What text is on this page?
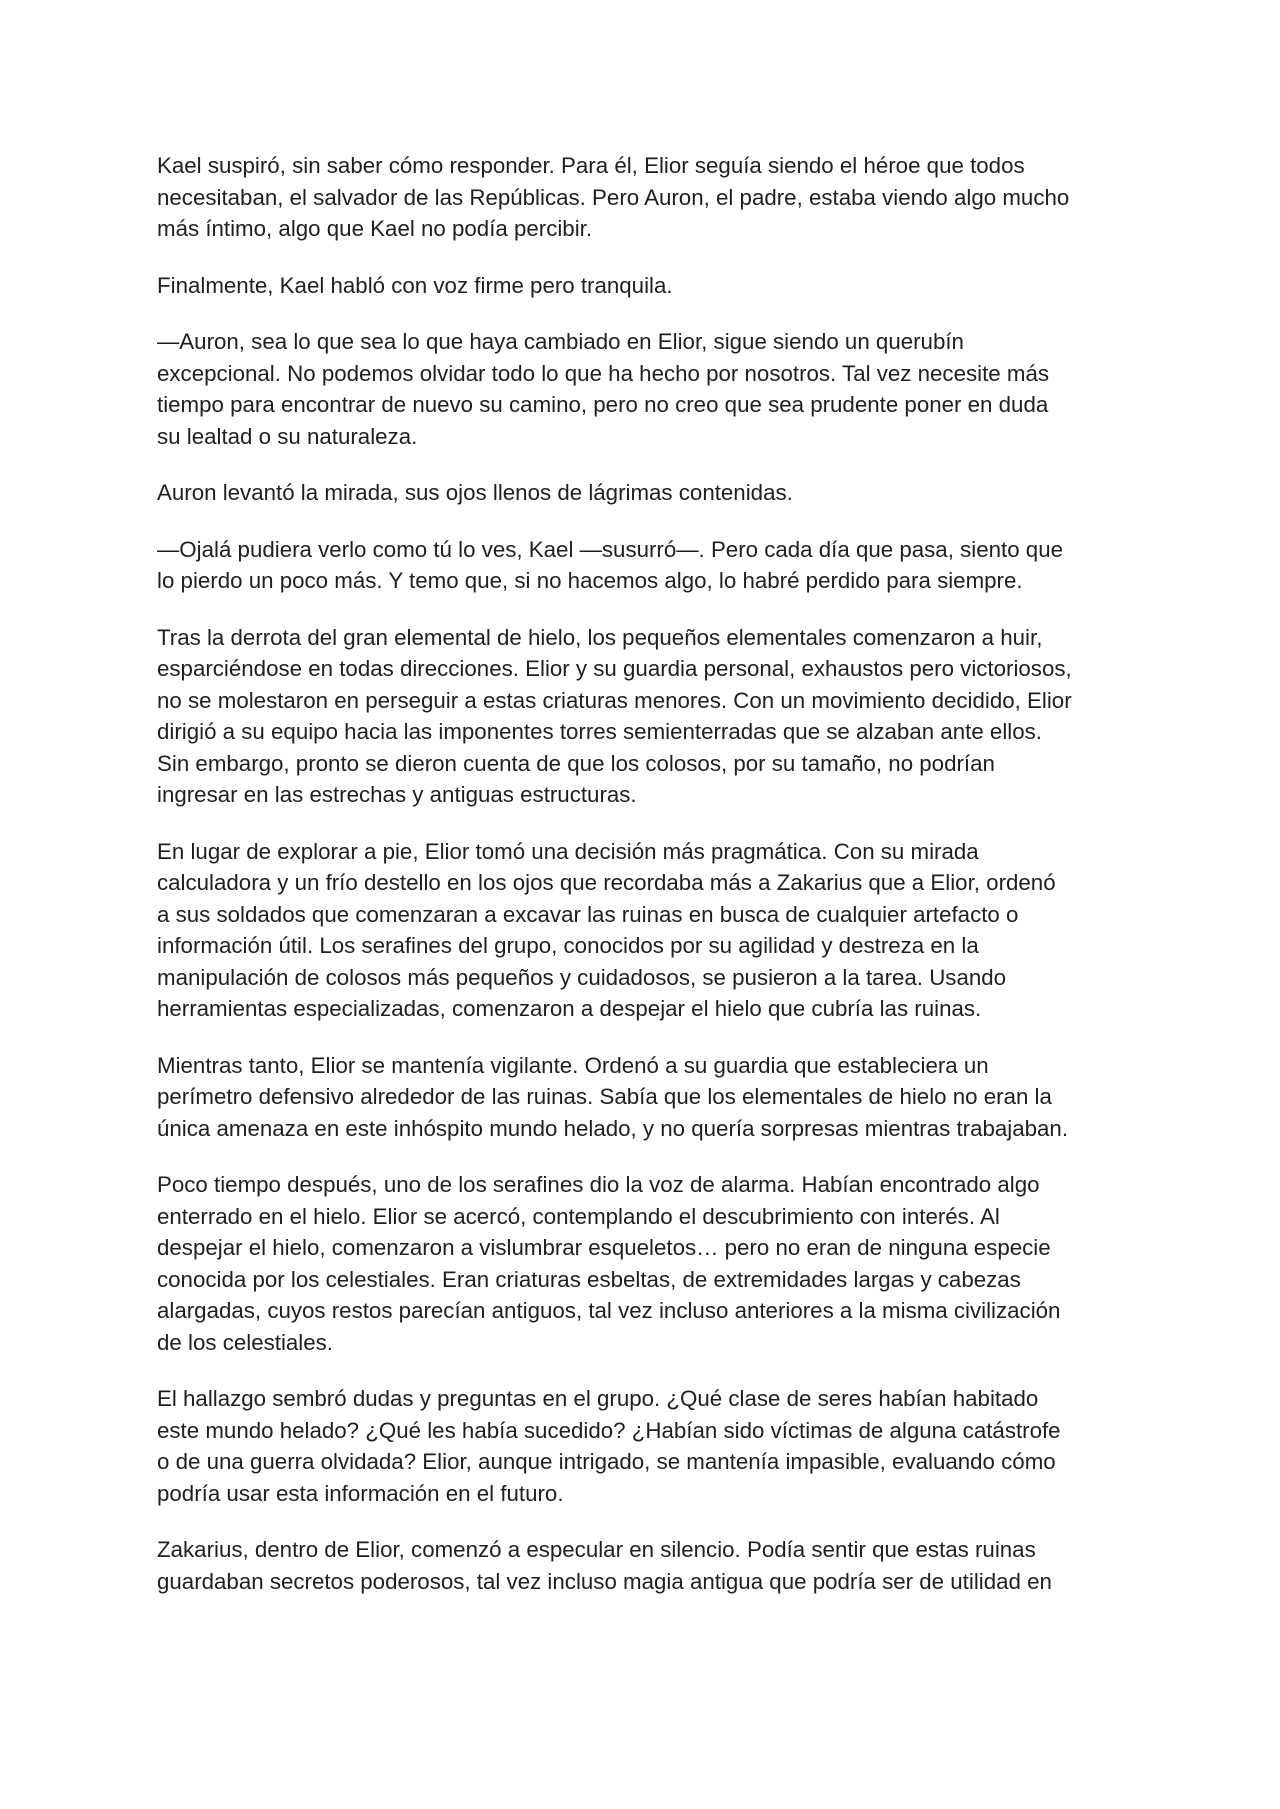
Kael suspiró, sin saber cómo responder. Para él, Elior seguía siendo el héroe que todos
necesitaban, el salvador de las Repúblicas. Pero Auron, el padre, estaba viendo algo mucho
más íntimo, algo que Kael no podía percibir.

Finalmente, Kael habló con voz firme pero tranquila.

—Auron, sea lo que sea lo que haya cambiado en Elior, sigue siendo un querubín
excepcional. No podemos olvidar todo lo que ha hecho por nosotros. Tal vez necesite más
tiempo para encontrar de nuevo su camino, pero no creo que sea prudente poner en duda
su lealtad o su naturaleza.

Auron levantó la mirada, sus ojos llenos de lágrimas contenidas.

—Ojalá pudiera verlo como tú lo ves, Kael —susurró—. Pero cada día que pasa, siento que
lo pierdo un poco más. Y temo que, si no hacemos algo, lo habré perdido para siempre.

Tras la derrota del gran elemental de hielo, los pequeños elementales comenzaron a huir,
esparciéndose en todas direcciones. Elior y su guardia personal, exhaustos pero victoriosos,
no se molestaron en perseguir a estas criaturas menores. Con un movimiento decidido, Elior
dirigió a su equipo hacia las imponentes torres semienterradas que se alzaban ante ellos.
Sin embargo, pronto se dieron cuenta de que los colosos, por su tamaño, no podrían
ingresar en las estrechas y antiguas estructuras.

En lugar de explorar a pie, Elior tomó una decisión más pragmática. Con su mirada
calculadora y un frío destello en los ojos que recordaba más a Zakarius que a Elior, ordenó
a sus soldados que comenzaran a excavar las ruinas en busca de cualquier artefacto o
información útil. Los serafines del grupo, conocidos por su agilidad y destreza en la
manipulación de colosos más pequeños y cuidadosos, se pusieron a la tarea. Usando
herramientas especializadas, comenzaron a despejar el hielo que cubría las ruinas.

Mientras tanto, Elior se mantenía vigilante. Ordenó a su guardia que estableciera un
perímetro defensivo alrededor de las ruinas. Sabía que los elementales de hielo no eran la
única amenaza en este inhóspito mundo helado, y no quería sorpresas mientras trabajaban.

Poco tiempo después, uno de los serafines dio la voz de alarma. Habían encontrado algo
enterrado en el hielo. Elior se acercó, contemplando el descubrimiento con interés. Al
despejar el hielo, comenzaron a vislumbrar esqueletos… pero no eran de ninguna especie
conocida por los celestiales. Eran criaturas esbeltas, de extremidades largas y cabezas
alargadas, cuyos restos parecían antiguos, tal vez incluso anteriores a la misma civilización
de los celestiales.

El hallazgo sembró dudas y preguntas en el grupo. ¿Qué clase de seres habían habitado
este mundo helado? ¿Qué les había sucedido? ¿Habían sido víctimas de alguna catástrofe
o de una guerra olvidada? Elior, aunque intrigado, se mantenía impasible, evaluando cómo
podría usar esta información en el futuro.

Zakarius, dentro de Elior, comenzó a especular en silencio. Podía sentir que estas ruinas
guardaban secretos poderosos, tal vez incluso magia antigua que podría ser de utilidad en
